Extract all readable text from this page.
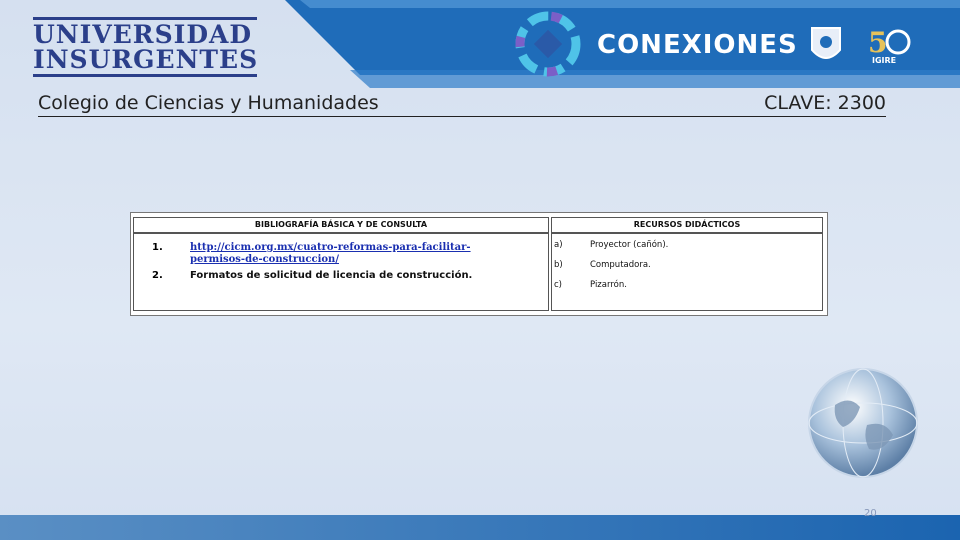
UNIVERSIDAD
INSURGENTES	CONEXIONES	5
IGIRE
Colegio de Ciencias y Humanidades	CLAVE: 2300
BIBLIOGRAFÍA BÁSICA Y DE CONSULTA
1.	http://cicm.org.mx/cuatro-reformas-para-facilitar-permisos-de-construccion/
2.	Formatos de solicitud de licencia de construcción.
RECURSOS DIDÁCTICOS
a)	Proyector (cañón).
b)	Computadora.
c)	Pizarrón.
20
